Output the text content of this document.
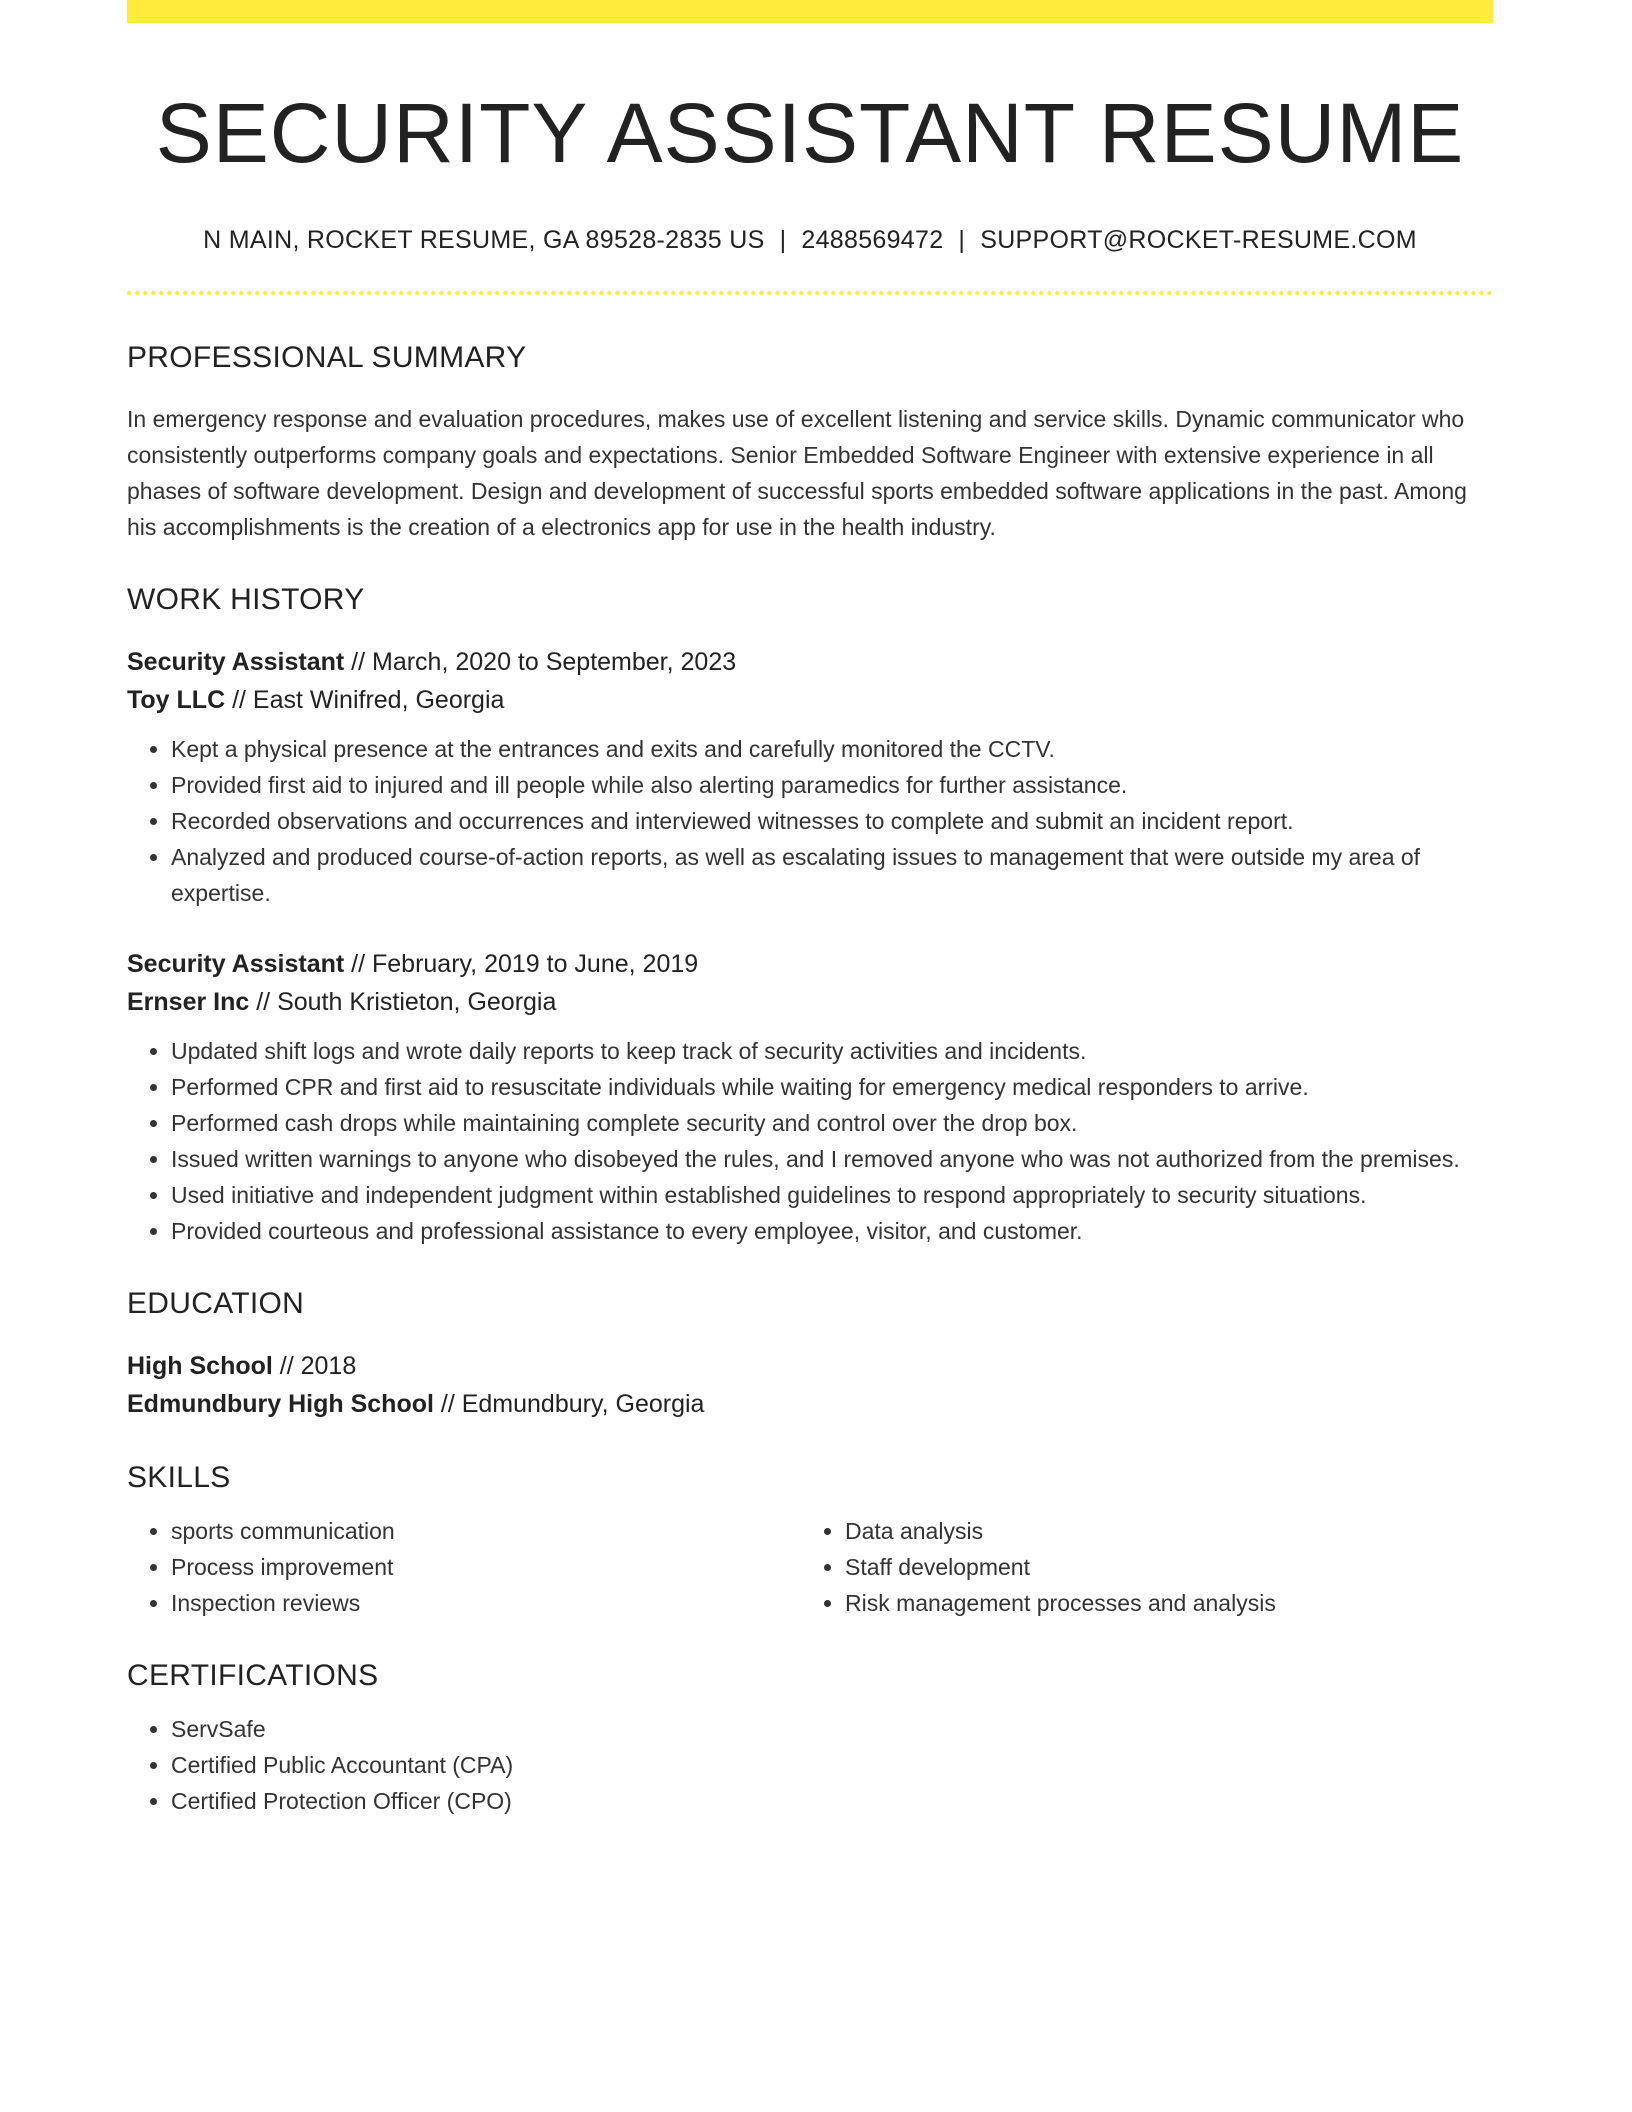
SECURITY ASSISTANT RESUME
N MAIN, ROCKET RESUME, GA 89528-2835 US | 2488569472 | SUPPORT@ROCKET-RESUME.COM
PROFESSIONAL SUMMARY
In emergency response and evaluation procedures, makes use of excellent listening and service skills. Dynamic communicator who consistently outperforms company goals and expectations. Senior Embedded Software Engineer with extensive experience in all phases of software development. Design and development of successful sports embedded software applications in the past. Among his accomplishments is the creation of a electronics app for use in the health industry.
WORK HISTORY
Security Assistant // March, 2020 to September, 2023
Toy LLC // East Winifred, Georgia
• Kept a physical presence at the entrances and exits and carefully monitored the CCTV.
• Provided first aid to injured and ill people while also alerting paramedics for further assistance.
• Recorded observations and occurrences and interviewed witnesses to complete and submit an incident report.
• Analyzed and produced course-of-action reports, as well as escalating issues to management that were outside my area of expertise.
Security Assistant // February, 2019 to June, 2019
Ernser Inc // South Kristieton, Georgia
• Updated shift logs and wrote daily reports to keep track of security activities and incidents.
• Performed CPR and first aid to resuscitate individuals while waiting for emergency medical responders to arrive.
• Performed cash drops while maintaining complete security and control over the drop box.
• Issued written warnings to anyone who disobeyed the rules, and I removed anyone who was not authorized from the premises.
• Used initiative and independent judgment within established guidelines to respond appropriately to security situations.
• Provided courteous and professional assistance to every employee, visitor, and customer.
EDUCATION
High School // 2018
Edmundbury High School // Edmundbury, Georgia
SKILLS
• sports communication
• Process improvement
• Inspection reviews
• Data analysis
• Staff development
• Risk management processes and analysis
CERTIFICATIONS
• ServSafe
• Certified Public Accountant (CPA)
• Certified Protection Officer (CPO)
